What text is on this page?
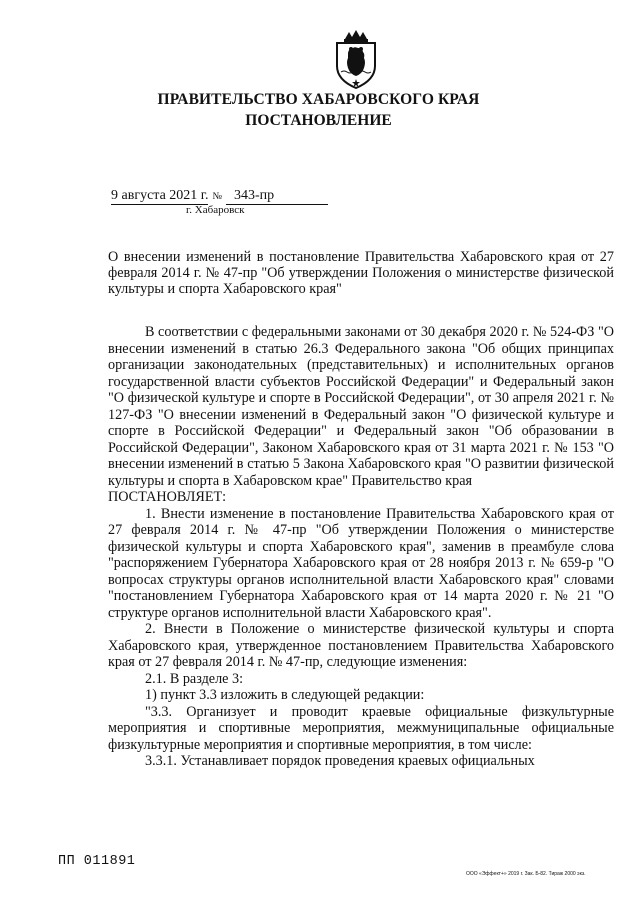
ПРАВИТЕЛЬСТВО ХАБАРОВСКОГО КРАЯ
ПОСТАНОВЛЕНИЕ
9 августа 2021 г. № 343-пр
г. Хабаровск

О внесении изменений в постановление Правительства Хабаровского края от 27 февраля 2014 г. № 47-пр "Об утверждении Положения о министерстве физической культуры и спорта Хабаровского края"

В соответствии с федеральными законами от 30 декабря 2020 г. № 524-ФЗ "О внесении изменений в статью 26.3 Федерального закона "Об общих принципах организации законодательных (представительных) и исполнительных органов государственной власти субъектов Российской Федерации" и Федеральный закон "О физической культуре и спорте в Российской Федерации", от 30 апреля 2021 г. № 127-ФЗ "О внесении изменений в Федеральный закон "О физической культуре и спорте в Российской Федерации" и Федеральный закон "Об образовании в Российской Федерации", Законом Хабаровского края от 31 марта 2021 г. № 153 "О внесении изменений в статью 5 Закона Хабаровского края "О развитии физической культуры и спорта в Хабаровском крае" Правительство края

ПОСТАНОВЛЯЕТ:

1. Внести изменение в постановление Правительства Хабаровского края от 27 февраля 2014 г. № 47-пр "Об утверждении Положения о министерстве физической культуры и спорта Хабаровского края", заменив в преамбуле слова "распоряжением Губернатора Хабаровского края от 28 ноября 2013 г. № 659-р "О вопросах структуры органов исполнительной власти Хабаровского края" словами "постановлением Губернатора Хабаровского края от 14 марта 2020 г. № 21 "О структуре органов исполнительной власти Хабаровского края".

2. Внести в Положение о министерстве физической культуры и спорта Хабаровского края, утвержденное постановлением Правительства Хабаровского края от 27 февраля 2014 г. № 47-пр, следующие изменения:

2.1. В разделе 3:

1) пункт 3.3 изложить в следующей редакции:

"3.3. Организует и проводит краевые официальные физкультурные мероприятия и спортивные мероприятия, межмуниципальные официальные физкультурные мероприятия и спортивные мероприятия, в том числе:

3.3.1. Устанавливает порядок проведения краевых официальных

ПП 011891
ООО «Эффект+» 2019 г. Зак. Б-82. Тираж 2000 экз.
